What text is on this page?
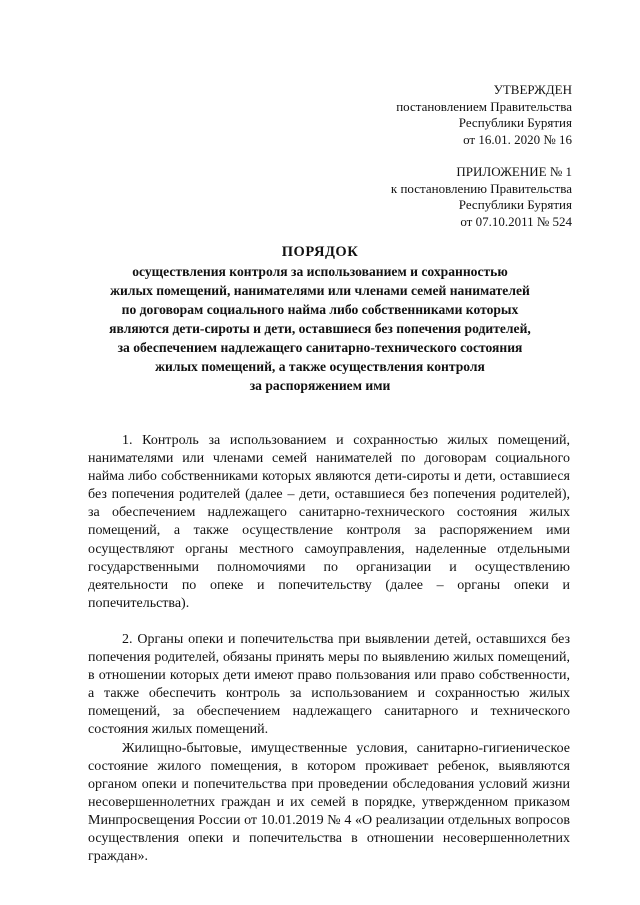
УТВЕРЖДЕН
постановлением Правительства
Республики Бурятия
от 16.01. 2020 № 16
ПРИЛОЖЕНИЕ № 1
к постановлению Правительства
Республики Бурятия
от 07.10.2011 № 524
ПОРЯДОК
осуществления контроля за использованием и сохранностью
жилых помещений, нанимателями или членами семей нанимателей
по договорам социального найма либо собственниками которых
являются дети-сироты и дети, оставшиеся без попечения родителей,
за обеспечением надлежащего санитарно-технического состояния
жилых помещений, а также осуществления контроля
за распоряжением ими

1. Контроль за использованием и сохранностью жилых помещений, нанимателями или членами семей нанимателей по договорам социального найма либо собственниками которых являются дети-сироты и дети, оставшиеся без попечения родителей (далее – дети, оставшиеся без попечения родителей), за обеспечением надлежащего санитарно-технического состояния жилых помещений, а также осуществление контроля за распоряжением ими осуществляют органы местного самоуправления, наделенные отдельными государственными полномочиями по организации и осуществлению деятельности по опеке и попечительству (далее – органы опеки и попечительства).

2. Органы опеки и попечительства при выявлении детей, оставшихся без попечения родителей, обязаны принять меры по выявлению жилых помещений, в отношении которых дети имеют право пользования или право собственности, а также обеспечить контроль за использованием и сохранностью жилых помещений, за обеспечением надлежащего санитарного и технического состояния жилых помещений.

Жилищно-бытовые, имущественные условия, санитарно-гигиеническое состояние жилого помещения, в котором проживает ребенок, выявляются органом опеки и попечительства при проведении обследования условий жизни несовершеннолетних граждан и их семей в порядке, утвержденном приказом Минпросвещения России от 10.01.2019 № 4 «О реализации отдельных вопросов осуществления опеки и попечительства в отношении несовершеннолетних граждан».
